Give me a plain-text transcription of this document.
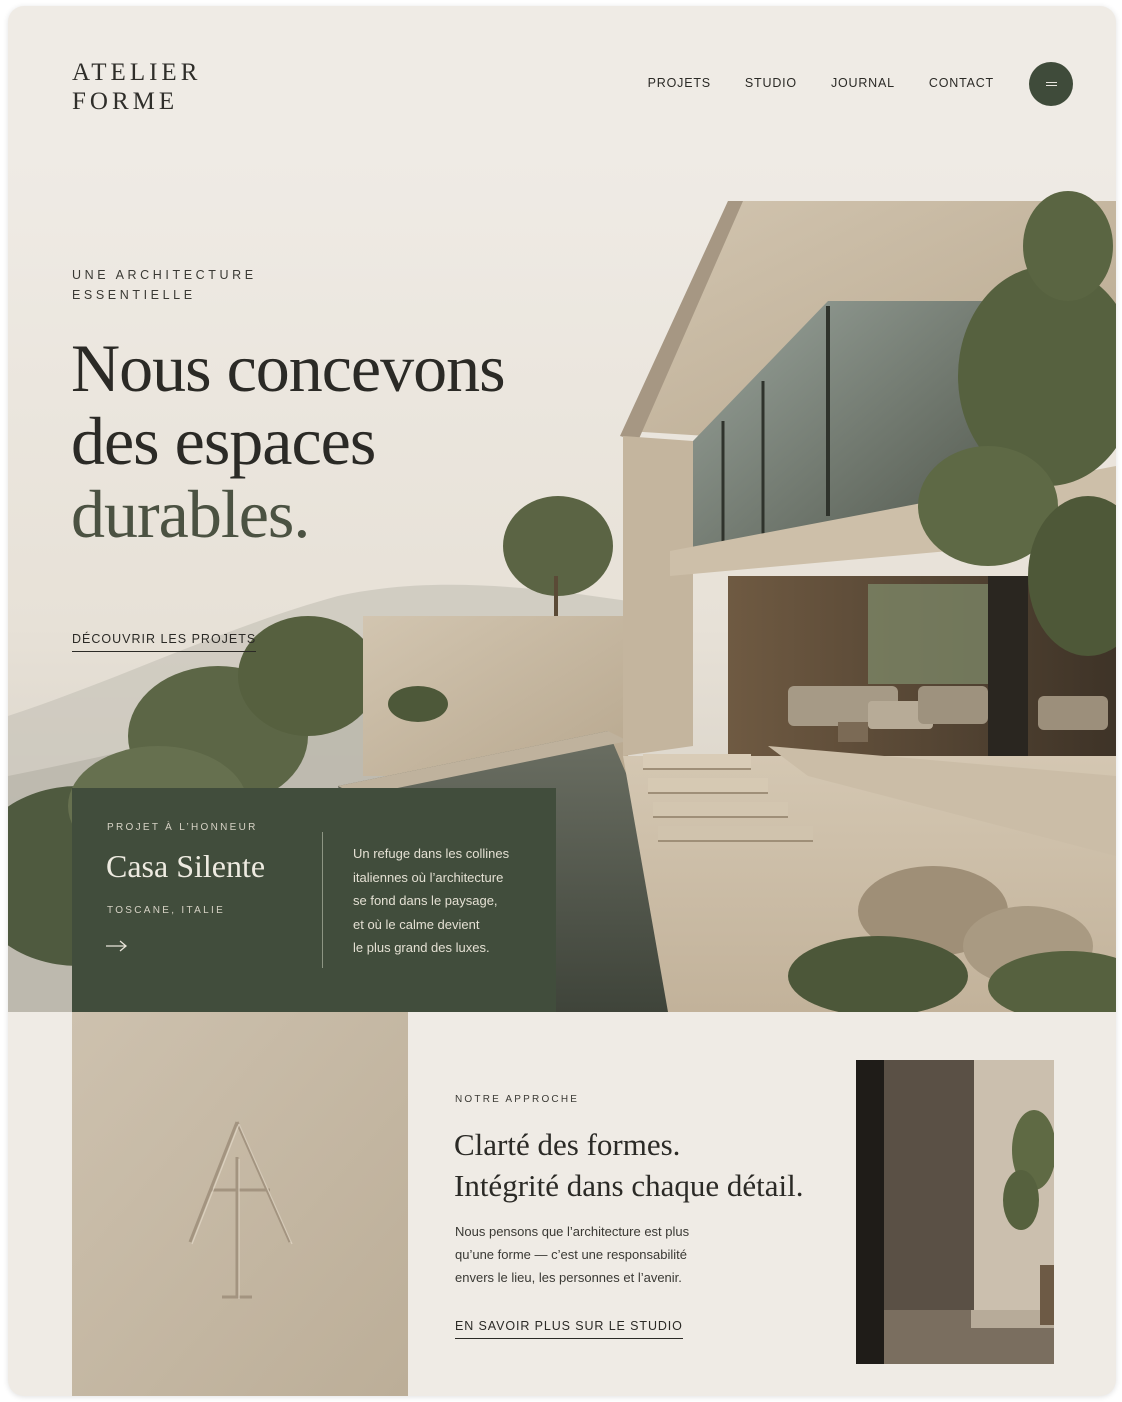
ATELIER
FORME
PROJETS	STUDIO	JOURNAL	CONTACT
UNE ARCHITECTURE
ESSENTIELLE
Nous concevons
des espaces
durables.
DÉCOUVRIR LES PROJETS
PROJET À L’HONNEUR
Casa Silente
TOSCANE, ITALIE
Un refuge dans les collines
italiennes où l’architecture
se fond dans le paysage,
et où le calme devient
le plus grand des luxes.
NOTRE APPROCHE
Clarté des formes.
Intégrité dans chaque détail.
Nous pensons que l’architecture est plus
qu’une forme — c’est une responsabilité
envers le lieu, les personnes et l’avenir.
EN SAVOIR PLUS SUR LE STUDIO
